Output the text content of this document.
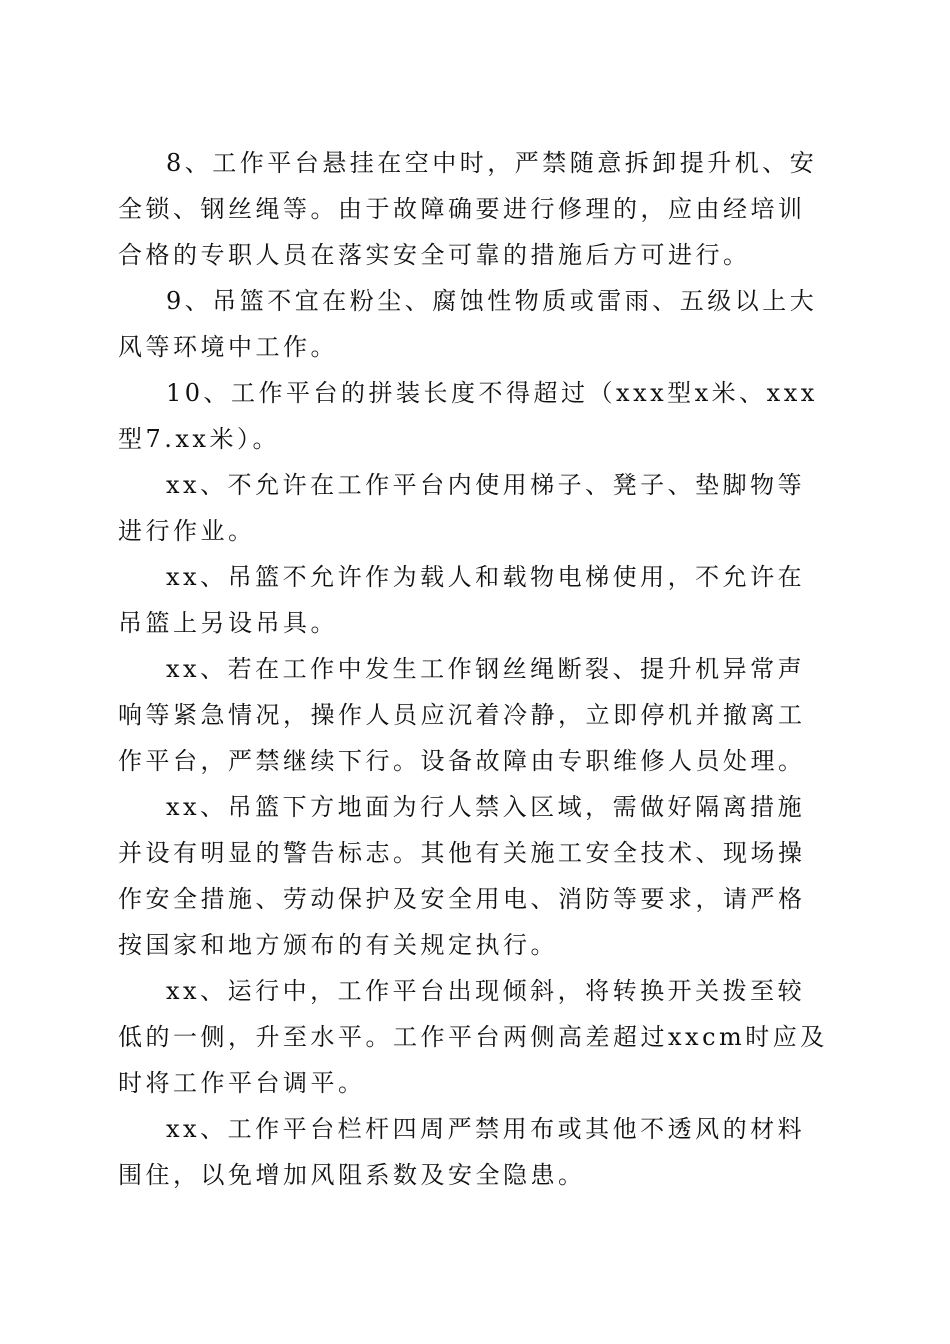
8、工作平台悬挂在空中时，严禁随意拆卸提升机、安全锁、钢丝绳等。由于故障确要进行修理的，应由经培训合格的专职人员在落实安全可靠的措施后方可进行。

9、吊篮不宜在粉尘、腐蚀性物质或雷雨、五级以上大风等环境中工作。

10、工作平台的拼装长度不得超过（xxx型x米、xxx型7.xx米）。

xx、不允许在工作平台内使用梯子、凳子、垫脚物等进行作业。

xx、吊篮不允许作为载人和载物电梯使用，不允许在吊篮上另设吊具。

xx、若在工作中发生工作钢丝绳断裂、提升机异常声响等紧急情况，操作人员应沉着冷静，立即停机并撤离工作平台，严禁继续下行。设备故障由专职维修人员处理。

xx、吊篮下方地面为行人禁入区域，需做好隔离措施并设有明显的警告标志。其他有关施工安全技术、现场操作安全措施、劳动保护及安全用电、消防等要求，请严格按国家和地方颁布的有关规定执行。

xx、运行中，工作平台出现倾斜，将转换开关拨至较低的一侧，升至水平。工作平台两侧高差超过xxcm时应及时将工作平台调平。

xx、工作平台栏杆四周严禁用布或其他不透风的材料围住，以免增加风阻系数及安全隐患。
